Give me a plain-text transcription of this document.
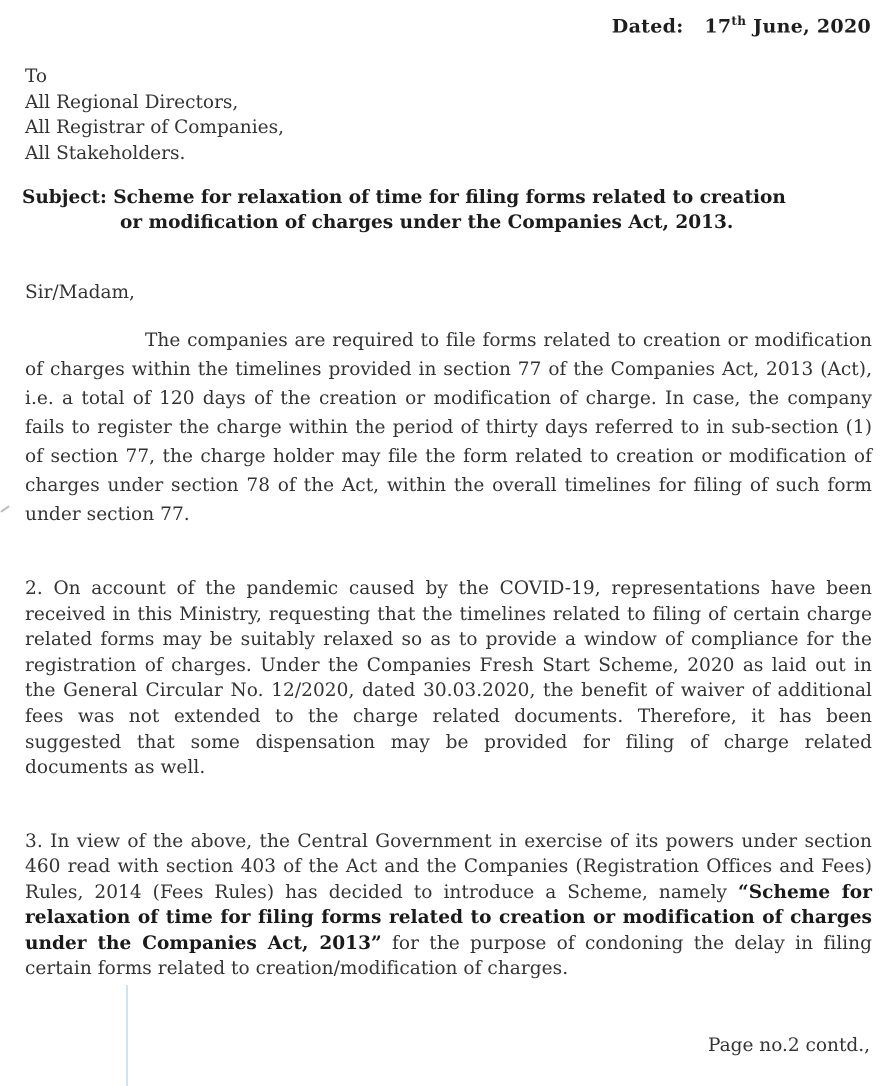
Dated: 17th June, 2020
To
All Regional Directors,
All Registrar of Companies,
All Stakeholders.
Subject: Scheme for relaxation of time for filing forms related to creation
or modification of charges under the Companies Act, 2013.
Sir/Madam,
The companies are required to file forms related to creation or modification of charges within the timelines provided in section 77 of the Companies Act, 2013 (Act), i.e. a total of 120 days of the creation or modification of charge. In case, the company fails to register the charge within the period of thirty days referred to in sub-section (1) of section 77, the charge holder may file the form related to creation or modification of charges under section 78 of the Act, within the overall timelines for filing of such form under section 77.
2. On account of the pandemic caused by the COVID-19, representations have been received in this Ministry, requesting that the timelines related to filing of certain charge related forms may be suitably relaxed so as to provide a window of compliance for the registration of charges. Under the Companies Fresh Start Scheme, 2020 as laid out in the General Circular No. 12/2020, dated 30.03.2020, the benefit of waiver of additional fees was not extended to the charge related documents. Therefore, it has been suggested that some dispensation may be provided for filing of charge related documents as well.
3. In view of the above, the Central Government in exercise of its powers under section 460 read with section 403 of the Act and the Companies (Registration Offices and Fees) Rules, 2014 (Fees Rules) has decided to introduce a Scheme, namely “Scheme for relaxation of time for filing forms related to creation or modification of charges under the Companies Act, 2013” for the purpose of condoning the delay in filing certain forms related to creation/modification of charges.
Page no.2 contd.,
